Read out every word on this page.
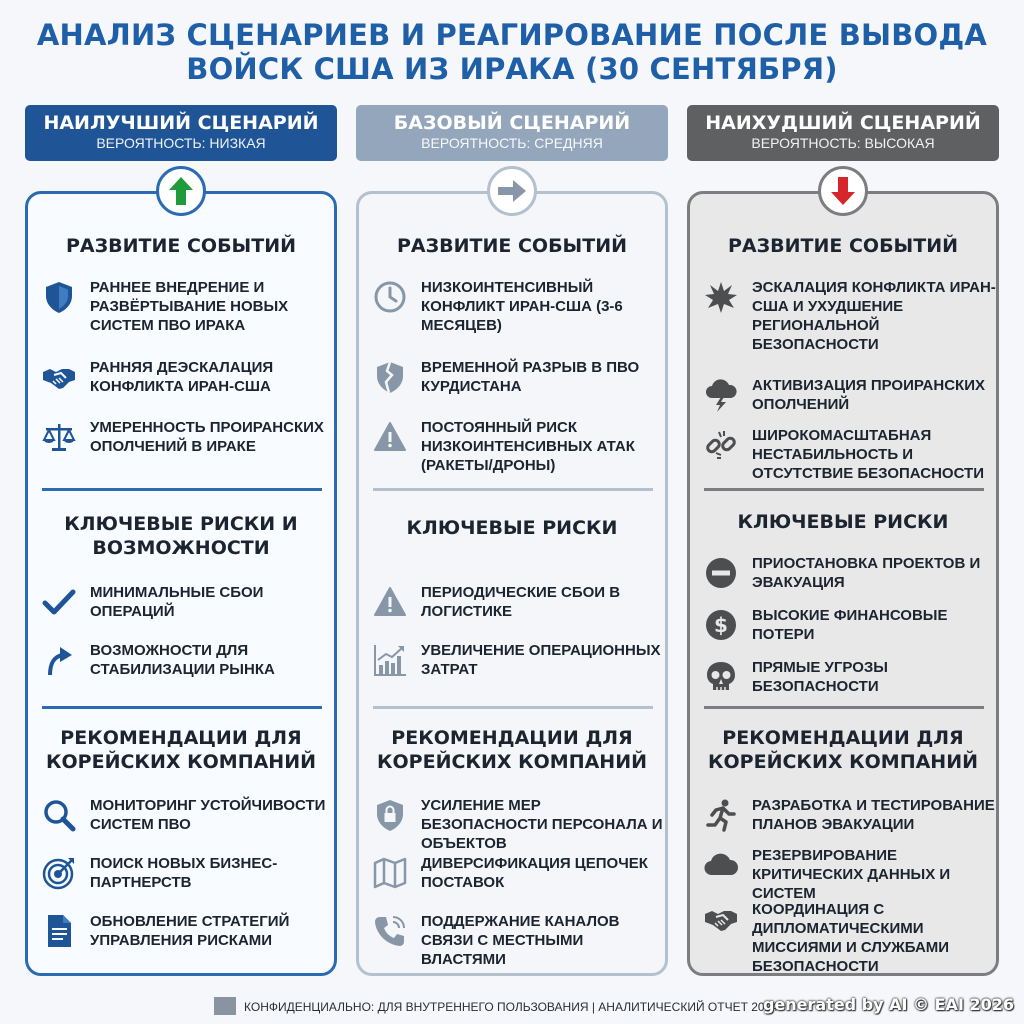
АНАЛИЗ СЦЕНАРИЕВ И РЕАГИРОВАНИЕ ПОСЛЕ ВЫВОДА
ВОЙСК США ИЗ ИРАКА (30 СЕНТЯБРЯ)
НАИЛУЧШИЙ СЦЕНАРИЙ
ВЕРОЯТНОСТЬ: НИЗКАЯ
РАЗВИТИЕ СОБЫТИЙ
РАННЕЕ ВНЕДРЕНИЕ И РАЗВЁРТЫВАНИЕ НОВЫХ СИСТЕМ ПВО ИРАКА
РАННЯЯ ДЕЭСКАЛАЦИЯ КОНФЛИКТА ИРАН-США
УМЕРЕННОСТЬ ПРОИРАНСКИХ ОПОЛЧЕНИЙ В ИРАКЕ
КЛЮЧЕВЫЕ РИСКИ И
ВОЗМОЖНОСТИ
МИНИМАЛЬНЫЕ СБОИ ОПЕРАЦИЙ
ВОЗМОЖНОСТИ ДЛЯ СТАБИЛИЗАЦИИ РЫНКА
РЕКОМЕНДАЦИИ ДЛЯ
КОРЕЙСКИХ КОМПАНИЙ
МОНИТОРИНГ УСТОЙЧИВОСТИ СИСТЕМ ПВО
ПОИСК НОВЫХ БИЗНЕС-ПАРТНЕРСТВ
ОБНОВЛЕНИЕ СТРАТЕГИЙ УПРАВЛЕНИЯ РИСКАМИ
БАЗОВЫЙ СЦЕНАРИЙ
ВЕРОЯТНОСТЬ: СРЕДНЯЯ
РАЗВИТИЕ СОБЫТИЙ
НИЗКОИНТЕНСИВНЫЙ КОНФЛИКТ ИРАН-США (3-6 МЕСЯЦЕВ)
ВРЕМЕННОЙ РАЗРЫВ В ПВО КУРДИСТАНА
ПОСТОЯННЫЙ РИСК НИЗКОИНТЕНСИВНЫХ АТАК (РАКЕТЫ/ДРОНЫ)
КЛЮЧЕВЫЕ РИСКИ
ПЕРИОДИЧЕСКИЕ СБОИ В ЛОГИСТИКЕ
УВЕЛИЧЕНИЕ ОПЕРАЦИОННЫХ ЗАТРАТ
РЕКОМЕНДАЦИИ ДЛЯ
КОРЕЙСКИХ КОМПАНИЙ
УСИЛЕНИЕ МЕР БЕЗОПАСНОСТИ ПЕРСОНАЛА И ОБЪЕКТОВ
ДИВЕРСИФИКАЦИЯ ЦЕПОЧЕК ПОСТАВОК
ПОДДЕРЖАНИЕ КАНАЛОВ СВЯЗИ С МЕСТНЫМИ ВЛАСТЯМИ
НАИХУДШИЙ СЦЕНАРИЙ
ВЕРОЯТНОСТЬ: ВЫСОКАЯ
РАЗВИТИЕ СОБЫТИЙ
ЭСКАЛАЦИЯ КОНФЛИКТА ИРАН-США И УХУДШЕНИЕ РЕГИОНАЛЬНОЙ БЕЗОПАСНОСТИ
АКТИВИЗАЦИЯ ПРОИРАНСКИХ ОПОЛЧЕНИЙ
ШИРОКОМАСШТАБНАЯ НЕСТАБИЛЬНОСТЬ И ОТСУТСТВИЕ БЕЗОПАСНОСТИ
КЛЮЧЕВЫЕ РИСКИ
ПРИОСТАНОВКА ПРОЕКТОВ И ЭВАКУАЦИЯ
$ ВЫСОКИЕ ФИНАНСОВЫЕ ПОТЕРИ
ПРЯМЫЕ УГРОЗЫ БЕЗОПАСНОСТИ
РЕКОМЕНДАЦИИ ДЛЯ
КОРЕЙСКИХ КОМПАНИЙ
РАЗРАБОТКА И ТЕСТИРОВАНИЕ ПЛАНОВ ЭВАКУАЦИИ
РЕЗЕРВИРОВАНИЕ КРИТИЧЕСКИХ ДАННЫХ И СИСТЕМ
КООРДИНАЦИЯ С ДИПЛОМАТИЧЕСКИМИ МИССИЯМИ И СЛУЖБАМИ БЕЗОПАСНОСТИ
КОНФИДЕНЦИАЛЬНО: ДЛЯ ВНУТРЕННЕГО ПОЛЬЗОВАНИЯ | АНАЛИТИЧЕСКИЙ ОТЧЕТ 2024
generated by AI © EAI 2026
